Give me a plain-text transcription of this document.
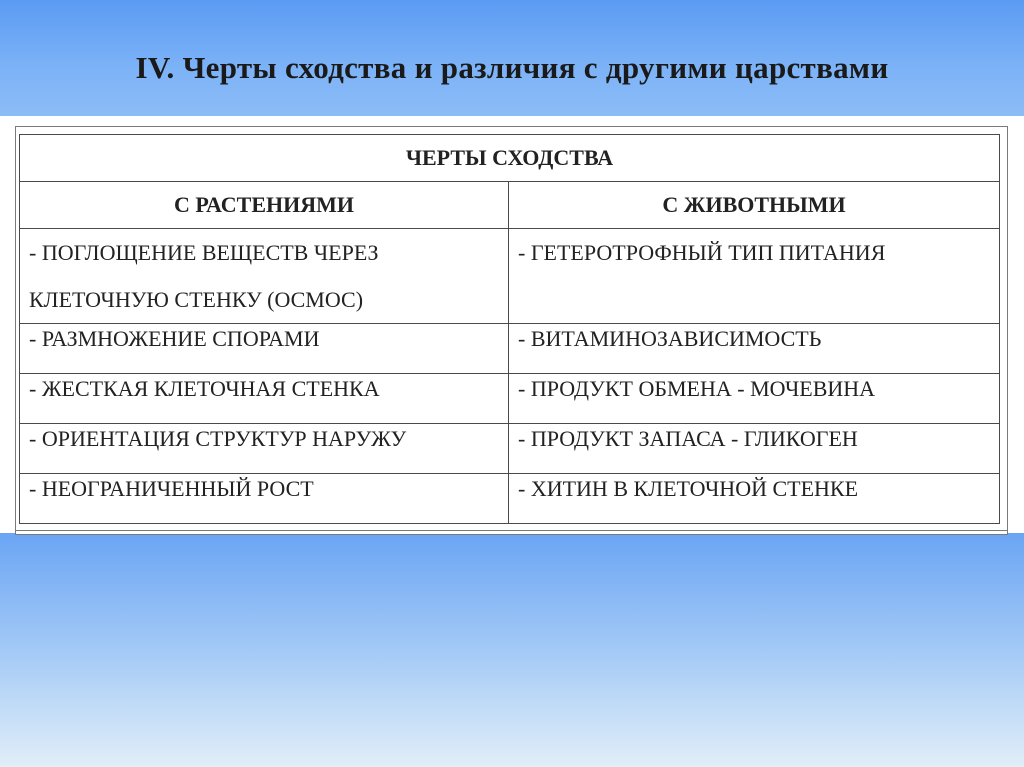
IV. Черты сходства и различия с другими царствами
ЧЕРТЫ СХОДСТВА	
С РАСТЕНИЯМИ	С ЖИВОТНЫМИ

- ПОГЛОЩЕНИЕ ВЕЩЕСТВ ЧЕРЕЗ
КЛЕТОЧНУЮ СТЕНКУ (ОСМОС)	- ГЕТЕРОТРОФНЫЙ ТИП ПИТАНИЯ

- РАЗМНОЖЕНИЕ СПОРАМИ	- ВИТАМИНОЗАВИСИМОСТЬ
- ЖЕСТКАЯ КЛЕТОЧНАЯ СТЕНКА	- ПРОДУКТ ОБМЕНА - МОЧЕВИНА
- ОРИЕНТАЦИЯ СТРУКТУР НАРУЖУ	- ПРОДУКТ ЗАПАСА - ГЛИКОГЕН
- НЕОГРАНИЧЕННЫЙ РОСТ	- ХИТИН В КЛЕТОЧНОЙ СТЕНКЕ
